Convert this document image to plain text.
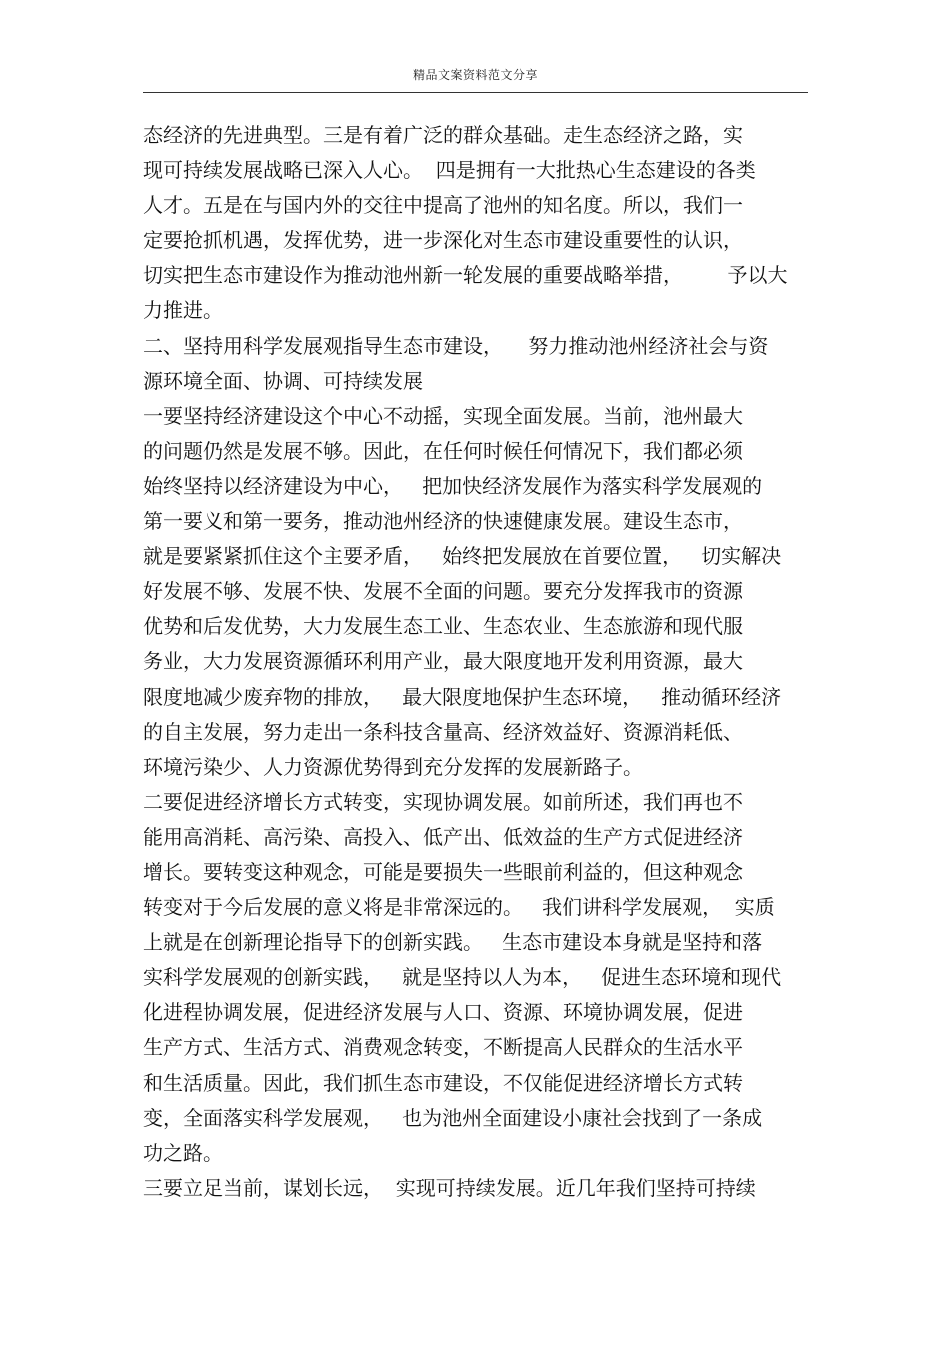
精品文案资料范文分享
态经济的先进典型。三是有着广泛的群众基础。走生态经济之路，实
现可持续发展战略已深入人心。  四是拥有一大批热心生态建设的各类
人才。五是在与国内外的交往中提高了池州的知名度。所以，我们一
定要抢抓机遇，发挥优势，进一步深化对生态市建设重要性的认识，
切实把生态市建设作为推动池州新一轮发展的重要战略举措，       予以大
力推进。
二、坚持用科学发展观指导生态市建设，    努力推动池州经济社会与资
源环境全面、协调、可持续发展
一要坚持经济建设这个中心不动摇，实现全面发展。当前，池州最大
的问题仍然是发展不够。因此，在任何时候任何情况下，我们都必须
始终坚持以经济建设为中心，   把加快经济发展作为落实科学发展观的
第一要义和第一要务，推动池州经济的快速健康发展。建设生态市，
就是要紧紧抓住这个主要矛盾，   始终把发展放在首要位置，   切实解决
好发展不够、发展不快、发展不全面的问题。要充分发挥我市的资源
优势和后发优势，大力发展生态工业、生态农业、生态旅游和现代服
务业，大力发展资源循环利用产业，最大限度地开发利用资源，最大
限度地减少废弃物的排放，   最大限度地保护生态环境，   推动循环经济
的自主发展，努力走出一条科技含量高、经济效益好、资源消耗低、
环境污染少、人力资源优势得到充分发挥的发展新路子。
二要促进经济增长方式转变，实现协调发展。如前所述，我们再也不
能用高消耗、高污染、高投入、低产出、低效益的生产方式促进经济
增长。要转变这种观念，可能是要损失一些眼前利益的，但这种观念
转变对于今后发展的意义将是非常深远的。   我们讲科学发展观，  实质
上就是在创新理论指导下的创新实践。   生态市建设本身就是坚持和落
实科学发展观的创新实践，   就是坚持以人为本，   促进生态环境和现代
化进程协调发展，促进经济发展与人口、资源、环境协调发展，促进
生产方式、生活方式、消费观念转变，不断提高人民群众的生活水平
和生活质量。因此，我们抓生态市建设，不仅能促进经济增长方式转
变，全面落实科学发展观，   也为池州全面建设小康社会找到了一条成
功之路。
三要立足当前，谋划长远，  实现可持续发展。近几年我们坚持可持续
